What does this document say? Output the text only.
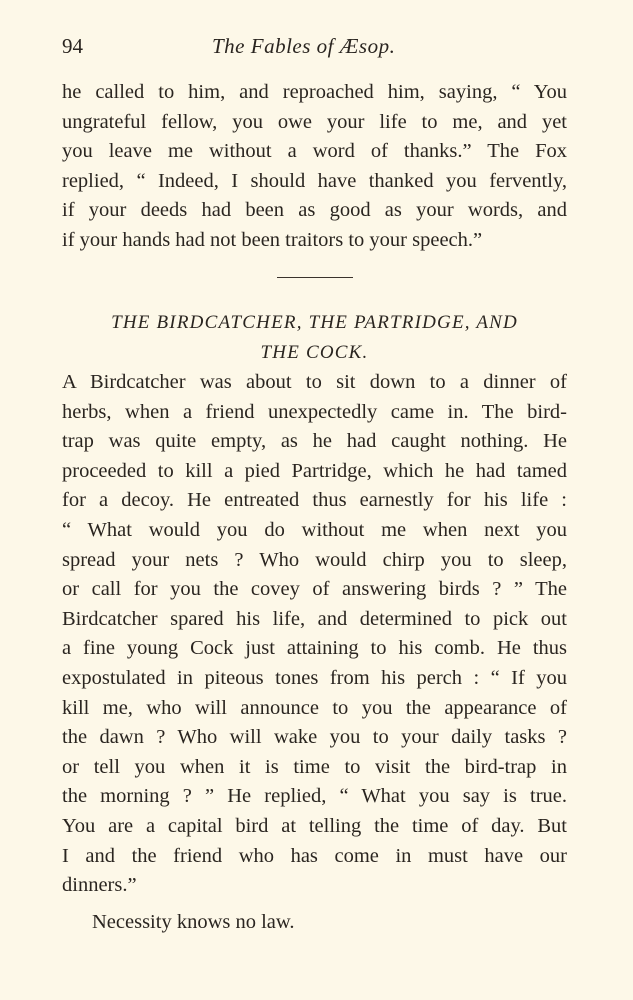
94	The Fables of Æsop.
he called to him, and reproached him, saying, “ You
ungrateful fellow, you owe your life to me, and yet
you leave me without a word of thanks.” The Fox
replied, “ Indeed, I should have thanked you fervently,
if your deeds had been as good as your words, and
if your hands had not been traitors to your speech.”
THE BIRDCATCHER, THE PARTRIDGE, AND
THE COCK.
A Birdcatcher was about to sit down to a dinner of
herbs, when a friend unexpectedly came in. The bird-
trap was quite empty, as he had caught nothing. He
proceeded to kill a pied Partridge, which he had tamed
for a decoy. He entreated thus earnestly for his life :
“ What would you do without me when next you
spread your nets ? Who would chirp you to sleep,
or call for you the covey of answering birds ? ” The
Birdcatcher spared his life, and determined to pick out
a fine young Cock just attaining to his comb. He thus
expostulated in piteous tones from his perch : “ If you
kill me, who will announce to you the appearance of
the dawn ? Who will wake you to your daily tasks ?
or tell you when it is time to visit the bird-trap in
the morning ? ” He replied, “ What you say is true.
You are a capital bird at telling the time of day. But
I and the friend who has come in must have our
dinners.”
Necessity knows no law.
